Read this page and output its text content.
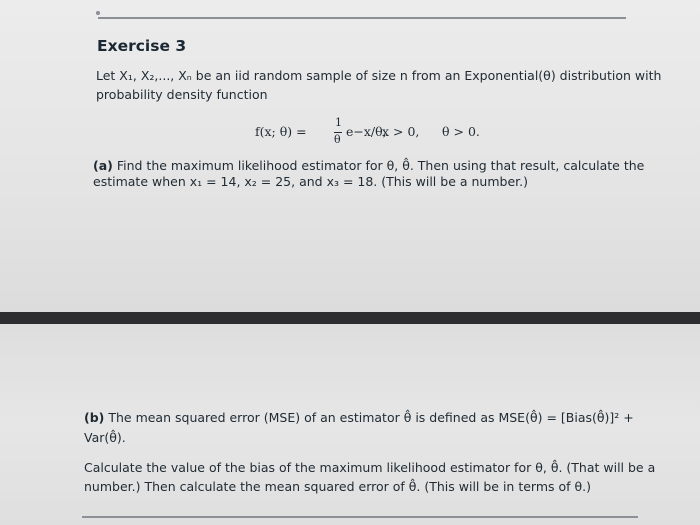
Exercise 3
Let X₁, X₂,..., Xₙ be an iid random sample of size n from an Exponential(θ) distribution with
probability density function
f(x; θ) =
1
θ
e−x/θ,
x > 0, θ > 0.
(a) Find the maximum likelihood estimator for θ, θ̂. Then using that result, calculate the
estimate when x₁ = 14, x₂ = 25, and x₃ = 18. (This will be a number.)
(b) The mean squared error (MSE) of an estimator θ̂ is defined as MSE(θ̂) = [Bias(θ̂)]² +
Var(θ̂).
Calculate the value of the bias of the maximum likelihood estimator for θ, θ̂. (That will be a
number.) Then calculate the mean squared error of θ̂. (This will be in terms of θ.)
